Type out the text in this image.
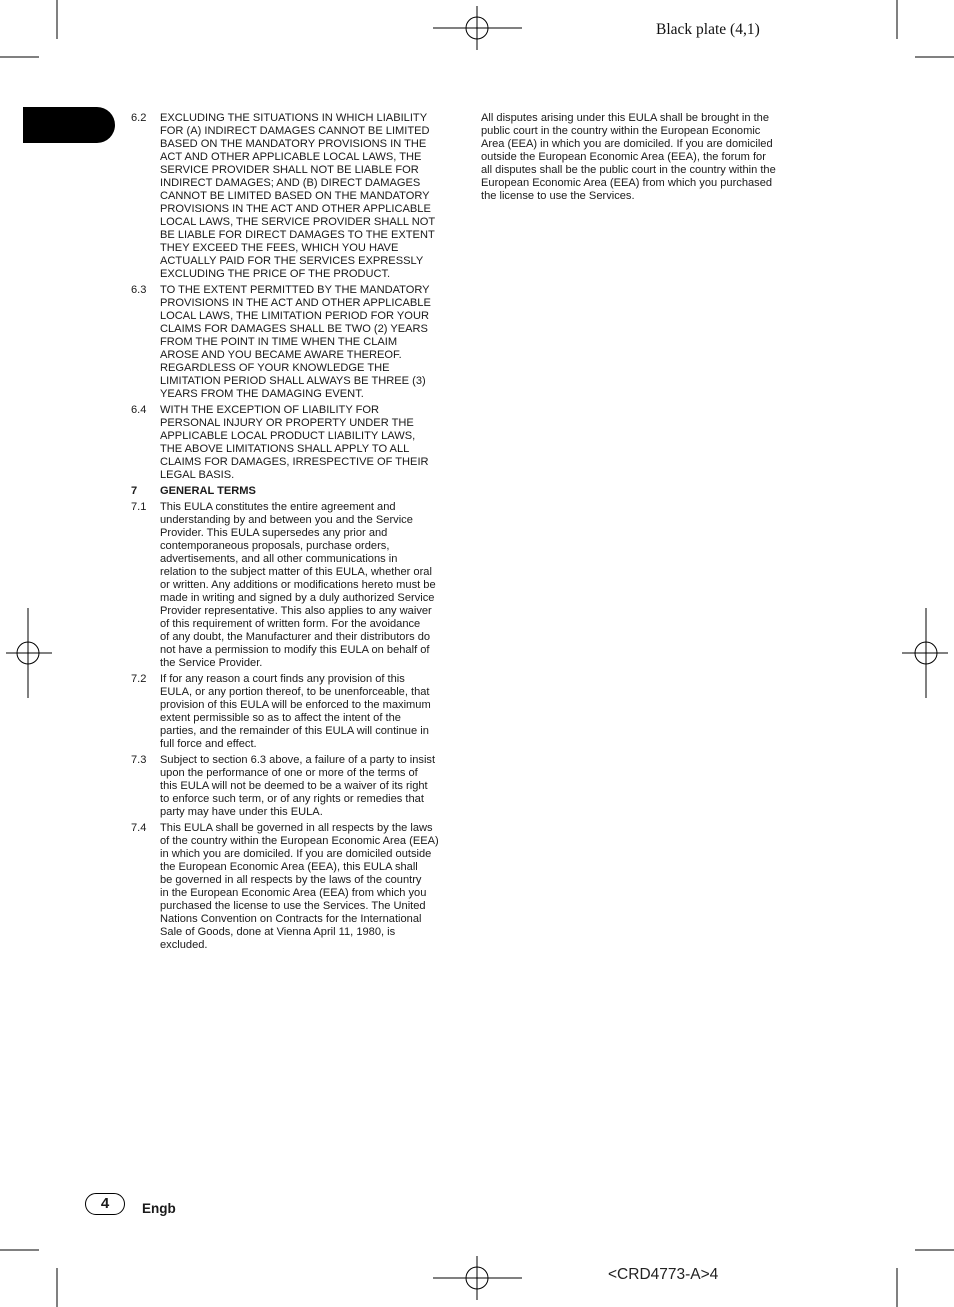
Black plate (4,1)
6.2	EXCLUDING THE SITUATIONS IN WHICH LIABILITY
FOR (A) INDIRECT DAMAGES CANNOT BE LIMITED
BASED ON THE MANDATORY PROVISIONS IN THE
ACT AND OTHER APPLICABLE LOCAL LAWS, THE
SERVICE PROVIDER SHALL NOT BE LIABLE FOR
INDIRECT DAMAGES; AND (B) DIRECT DAMAGES
CANNOT BE LIMITED BASED ON THE MANDATORY
PROVISIONS IN THE ACT AND OTHER APPLICABLE
LOCAL LAWS, THE SERVICE PROVIDER SHALL NOT
BE LIABLE FOR DIRECT DAMAGES TO THE EXTENT
THEY EXCEED THE FEES, WHICH YOU HAVE
ACTUALLY PAID FOR THE SERVICES EXPRESSLY
EXCLUDING THE PRICE OF THE PRODUCT.
6.3	TO THE EXTENT PERMITTED BY THE MANDATORY
PROVISIONS IN THE ACT AND OTHER APPLICABLE
LOCAL LAWS, THE LIMITATION PERIOD FOR YOUR
CLAIMS FOR DAMAGES SHALL BE TWO (2) YEARS
FROM THE POINT IN TIME WHEN THE CLAIM
AROSE AND YOU BECAME AWARE THEREOF.
REGARDLESS OF YOUR KNOWLEDGE THE
LIMITATION PERIOD SHALL ALWAYS BE THREE (3)
YEARS FROM THE DAMAGING EVENT.
6.4	WITH THE EXCEPTION OF LIABILITY FOR
PERSONAL INJURY OR PROPERTY UNDER THE
APPLICABLE LOCAL PRODUCT LIABILITY LAWS,
THE ABOVE LIMITATIONS SHALL APPLY TO ALL
CLAIMS FOR DAMAGES, IRRESPECTIVE OF THEIR
LEGAL BASIS.
7	GENERAL TERMS
7.1	This EULA constitutes the entire agreement and
understanding by and between you and the Service
Provider. This EULA supersedes any prior and
contemporaneous proposals, purchase orders,
advertisements, and all other communications in
relation to the subject matter of this EULA, whether oral
or written. Any additions or modifications hereto must be
made in writing and signed by a duly authorized Service
Provider representative. This also applies to any waiver
of this requirement of written form. For the avoidance
of any doubt, the Manufacturer and their distributors do
not have a permission to modify this EULA on behalf of
the Service Provider.
7.2	If for any reason a court finds any provision of this
EULA, or any portion thereof, to be unenforceable, that
provision of this EULA will be enforced to the maximum
extent permissible so as to affect the intent of the
parties, and the remainder of this EULA will continue in
full force and effect.
7.3	Subject to section 6.3 above, a failure of a party to insist
upon the performance of one or more of the terms of
this EULA will not be deemed to be a waiver of its right
to enforce such term, or of any rights or remedies that
party may have under this EULA.
7.4	This EULA shall be governed in all respects by the laws
of the country within the European Economic Area (EEA)
in which you are domiciled. If you are domiciled outside
the European Economic Area (EEA), this EULA shall
be governed in all respects by the laws of the country
in the European Economic Area (EEA) from which you
purchased the license to use the Services. The United
Nations Convention on Contracts for the International
Sale of Goods, done at Vienna April 11, 1980, is
excluded.
All disputes arising under this EULA shall be brought in the
public court in the country within the European Economic
Area (EEA) in which you are domiciled. If you are domiciled
outside the European Economic Area (EEA), the forum for
all disputes shall be the public court in the country within the
European Economic Area (EEA) from which you purchased
the license to use the Services.
4	Engb
<CRD4773-A>4
